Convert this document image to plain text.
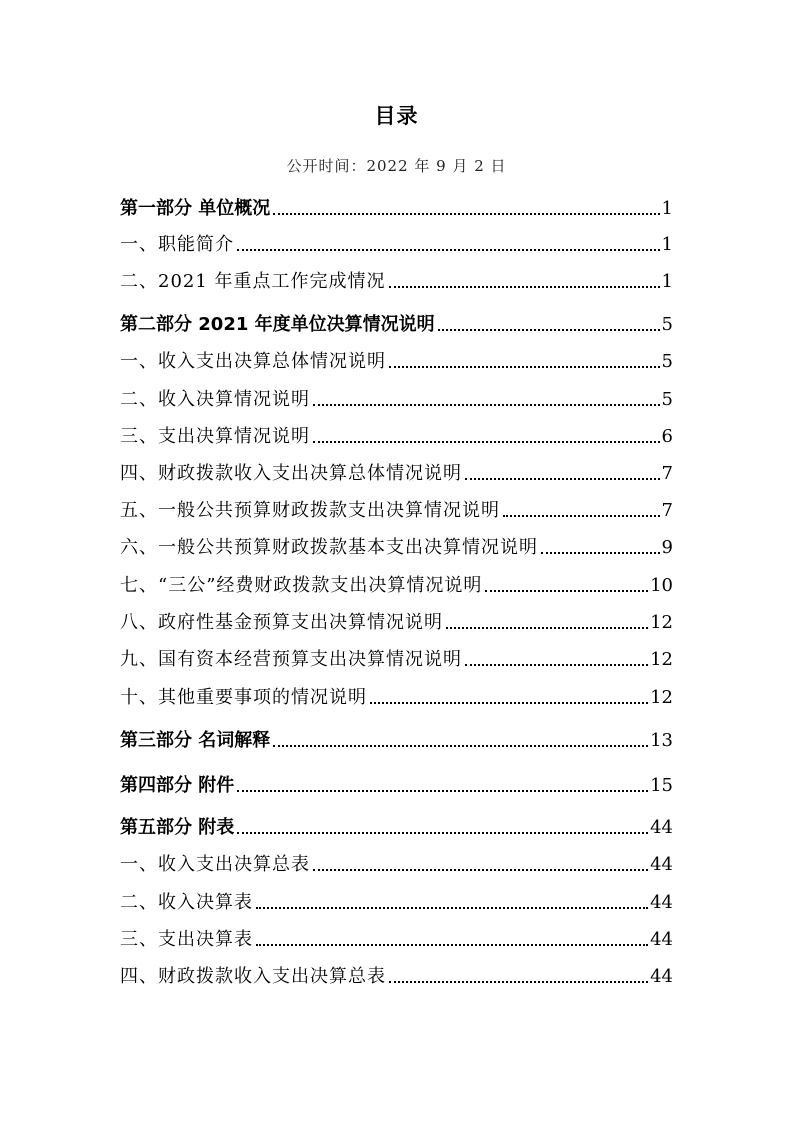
目录
公开时间：2022 年 9 月 2 日
第一部分 单位概况	1
一、职能简介	1
二、2021 年重点工作完成情况	1
第二部分 2021 年度单位决算情况说明	5
一、收入支出决算总体情况说明	5
二、收入决算情况说明	5
三、支出决算情况说明	6
四、财政拨款收入支出决算总体情况说明	7
五、一般公共预算财政拨款支出决算情况说明	7
六、一般公共预算财政拨款基本支出决算情况说明	9
七、“三公”经费财政拨款支出决算情况说明	10
八、政府性基金预算支出决算情况说明	12
九、国有资本经营预算支出决算情况说明	12
十、其他重要事项的情况说明	12
第三部分 名词解释	13
第四部分 附件	15
第五部分 附表	44
一、收入支出决算总表	44
二、收入决算表	44
三、支出决算表	44
四、财政拨款收入支出决算总表	44
